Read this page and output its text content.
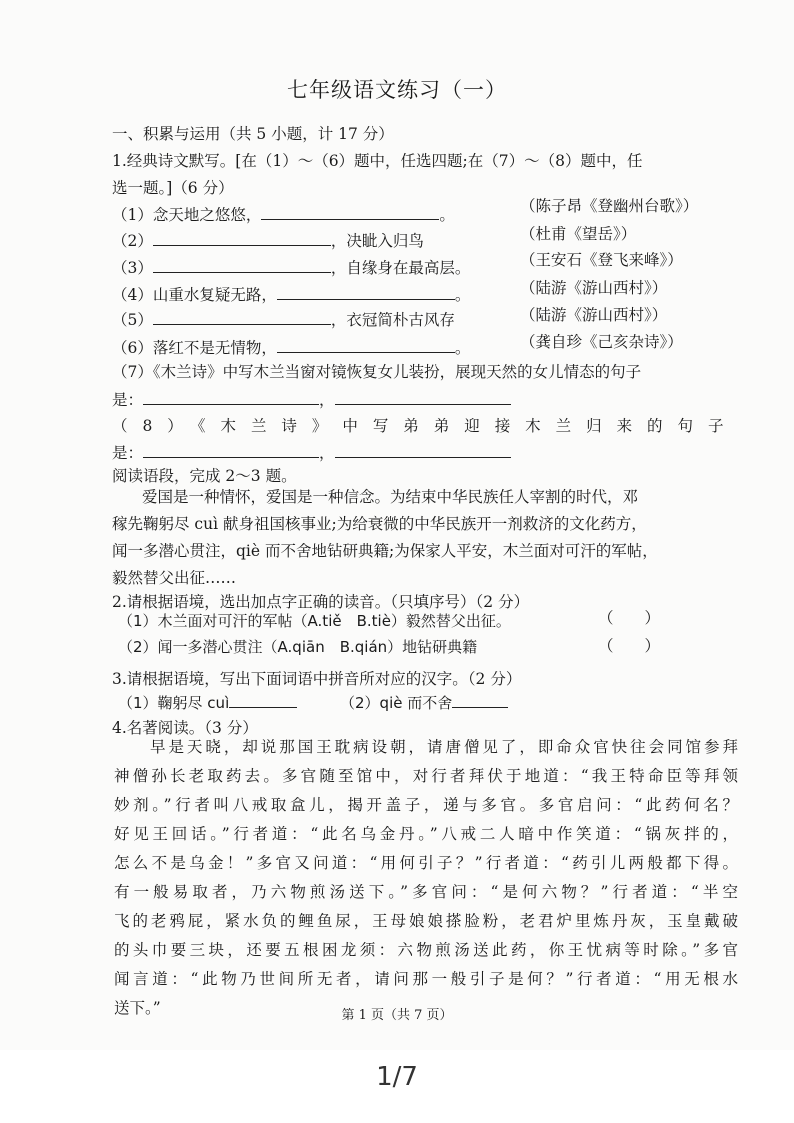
七年级语文练习（一）
一、积累与运用（共 5 小题，计 17 分）
1.经典诗文默写。[在（1）～（6）题中，任选四题;在（7）～（8）题中，任
选一题。]（6 分）
（1）念天地之悠悠，	。	（陈子昂《登幽州台歌》）
（2）	，决眦入归鸟	（杜甫《望岳》）
（3）	，自缘身在最高层。	（王安石《登飞来峰》）
（4）山重水复疑无路，	。	（陆游《游山西村》）
（5）	，衣冠简朴古风存	（陆游《游山西村》）
（6）落红不是无情物，	。	（龚自珍《己亥杂诗》）
（7）《木兰诗》中写木兰当窗对镜恢复女儿装扮，展现天然的女儿情态的句子
是：	，
（8）《木兰诗》中写弟弟迎接木兰归来的句子
是：	，
阅读语段，完成 2～3 题。
爱国是一种情怀，爱国是一种信念。为结束中华民族任人宰割的时代，邓
稼先鞠躬尽 cuì 献身祖国核事业;为给衰微的中华民族开一剂救济的文化药方，
闻一多潜心贯注，qiè 而不舍地钻研典籍;为保家人平安，木兰面对可汗的军帖，
毅然替父出征……
2.请根据语境，选出加点字正确的读音。（只填序号）（2 分）
（1）木兰面对可汗的军帖（A.tiě　B.tiè）毅然替父出征。	（　　）
（2）闻一多潜心贯注（A.qiān　B.qián）地钻研典籍	（　　）
3.请根据语境，写出下面词语中拼音所对应的汉字。（2 分）
（1）鞠躬尽 cuì	（2）qiè 而不舍
4.名著阅读。（3 分）
早是天晓，却说那国王耽病设朝，请唐僧见了，即命众官快往会同馆参拜
神僧孙长老取药去。多官随至馆中，对行者拜伏于地道：“我王特命臣等拜领
妙剂。”行者叫八戒取盒儿，揭开盖子，递与多官。多官启问：“此药何名？
好见王回话。”行者道：“此名乌金丹。”八戒二人暗中作笑道：“锅灰拌的，
怎么不是乌金！”多官又问道：“用何引子？”行者道：“药引儿两般都下得。
有一般易取者，乃六物煎汤送下。”多官问：“是何六物？”行者道：“半空
飞的老鸦屁，紧水负的鲤鱼尿，王母娘娘搽脸粉，老君炉里炼丹灰，玉皇戴破
的头巾要三块，还要五根困龙须：六物煎汤送此药，你王忧病等时除。”多官
闻言道：“此物乃世间所无者，请问那一般引子是何？”行者道：“用无根水
送下。”	第 1 页（共 7 页）
1/7
